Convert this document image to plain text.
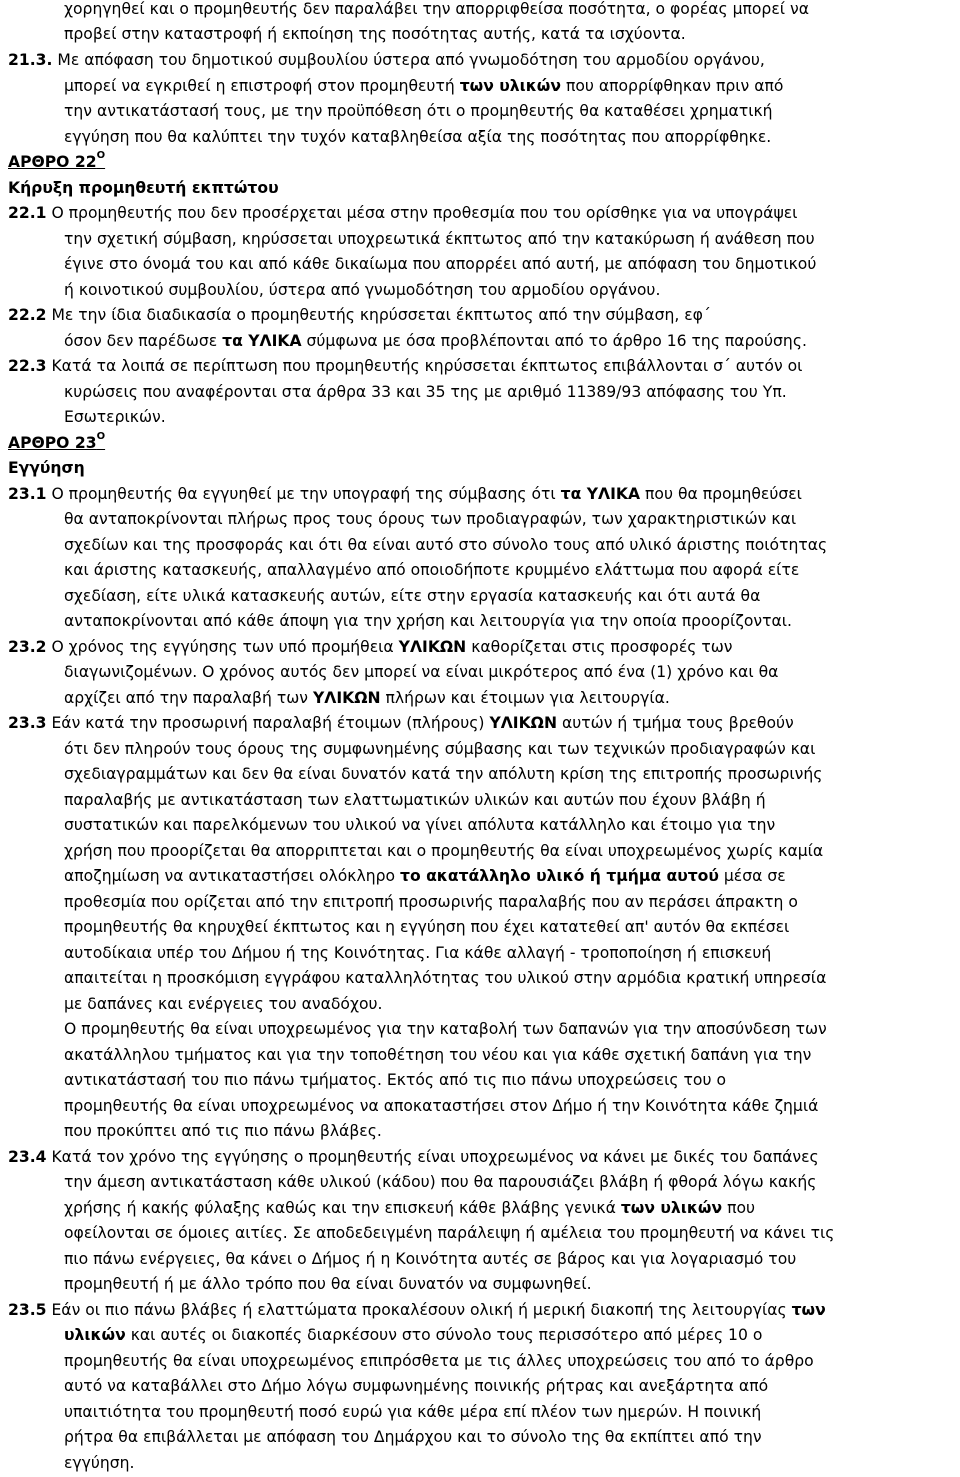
χορηγηθεί και ο προμηθευτής δεν παραλάβει την απορριφθείσα ποσότητα, ο φορέας μπορεί να
προβεί στην καταστροφή ή εκποίηση της ποσότητας αυτής, κατά τα ισχύοντα.
21.3. Με απόφαση του δημοτικού συμβουλίου ύστερα από γνωμοδότηση του αρμοδίου οργάνου,
μπορεί να εγκριθεί η επιστροφή στον προμηθευτή των υλικών που απορρίφθηκαν πριν από
την αντικατάστασή τους, με την προϋπόθεση ότι ο προμηθευτής θα καταθέσει χρηματική
εγγύηση που θα καλύπτει την τυχόν καταβληθείσα αξία της ποσότητας που απορρίφθηκε.
ΑΡΘΡΟ $22^O$
Κήρυξη προμηθευτή εκπτώτου
22.1 Ο προμηθευτής που δεν προσέρχεται μέσα στην προθεσμία που του ορίσθηκε για να υπογράψει
την σχετική σύμβαση, κηρύσσεται υποχρεωτικά έκπτωτος από την κατακύρωση ή ανάθεση που
έγινε στο όνομά του και από κάθε δικαίωμα που απορρέει από αυτή, με απόφαση του δημοτικού
ή κοινοτικού συμβουλίου, ύστερα από γνωμοδότηση του αρμοδίου οργάνου.
22.2 Με την ίδια διαδικασία ο προμηθευτής κηρύσσεται έκπτωτος από την σύμβαση, εφ΄
όσον δεν παρέδωσε τα ΥΛΙΚΑ σύμφωνα με όσα προβλέπονται από το άρθρο 16 της παρούσης.
22.3 Κατά τα λοιπά σε περίπτωση που προμηθευτής κηρύσσεται έκπτωτος επιβάλλονται σ΄ αυτόν οι
κυρώσεις που αναφέρονται στα άρθρα 33 και 35 της με αριθμό 11389/93 απόφασης του Υπ.
Εσωτερικών.
ΑΡΘΡΟ $23^O$
Εγγύηση
23.1 Ο προμηθευτής θα εγγυηθεί με την υπογραφή της σύμβασης ότι τα ΥΛΙΚΑ που θα προμηθεύσει
θα ανταποκρίνονται πλήρως προς τους όρους των προδιαγραφών, των χαρακτηριστικών και
σχεδίων και της προσφοράς και ότι θα είναι αυτό στο σύνολο τους από υλικό άριστης ποιότητας
και άριστης κατασκευής, απαλλαγμένο από οποιοδήποτε κρυμμένο ελάττωμα που αφορά είτε
σχεδίαση, είτε υλικά κατασκευής αυτών, είτε στην εργασία κατασκευής και ότι αυτά θα
ανταποκρίνονται από κάθε άποψη για την χρήση και λειτουργία για την οποία προορίζονται.
23.2 Ο χρόνος της εγγύησης των υπό προμήθεια ΥΛΙΚΩΝ καθορίζεται στις προσφορές των
διαγωνιζομένων. Ο χρόνος αυτός δεν μπορεί να είναι μικρότερος από ένα (1) χρόνο και θα
αρχίζει από την παραλαβή των ΥΛΙΚΩΝ πλήρων και έτοιμων για λειτουργία.
23.3 Εάν κατά την προσωρινή παραλαβή έτοιμων (πλήρους) ΥΛΙΚΩΝ αυτών ή τμήμα τους βρεθούν
ότι δεν πληρούν τους όρους της συμφωνημένης σύμβασης και των τεχνικών προδιαγραφών και
σχεδιαγραμμάτων και δεν θα είναι δυνατόν κατά την απόλυτη κρίση της επιτροπής προσωρινής
παραλαβής με αντικατάσταση των ελαττωματικών υλικών και αυτών που έχουν βλάβη ή
συστατικών και παρελκόμενων του υλικού να γίνει απόλυτα κατάλληλο και έτοιμο για την
χρήση που προορίζεται θα απορριπτεται και ο προμηθευτής θα είναι υποχρεωμένος χωρίς καμία
αποζημίωση να αντικαταστήσει ολόκληρο το ακατάλληλο υλικό ή τμήμα αυτού μέσα σε
προθεσμία που ορίζεται από την επιτροπή προσωρινής παραλαβής που αν περάσει άπρακτη ο
προμηθευτής θα κηρυχθεί έκπτωτος και η εγγύηση που έχει κατατεθεί απ' αυτόν θα εκπέσει
αυτοδίκαια υπέρ του Δήμου ή της Κοινότητας. Για κάθε αλλαγή - τροποποίηση ή επισκευή
απαιτείται η προσκόμιση εγγράφου καταλληλότητας του υλικού στην αρμόδια κρατική υπηρεσία
με δαπάνες και ενέργειες του αναδόχου.
Ο προμηθευτής θα είναι υποχρεωμένος για την καταβολή των δαπανών για την αποσύνδεση των
ακατάλληλου τμήματος και για την τοποθέτηση του νέου και για κάθε σχετική δαπάνη για την
αντικατάστασή του πιο πάνω τμήματος. Εκτός από τις πιο πάνω υποχρεώσεις του ο
προμηθευτής θα είναι υποχρεωμένος να αποκαταστήσει στον Δήμο ή την Κοινότητα κάθε ζημιά
που προκύπτει από τις πιο πάνω βλάβες.
23.4 Κατά τον χρόνο της εγγύησης ο προμηθευτής είναι υποχρεωμένος να κάνει με δικές του δαπάνες
την άμεση αντικατάσταση κάθε υλικού (κάδου) που θα παρουσιάζει βλάβη ή φθορά λόγω κακής
χρήσης ή κακής φύλαξης καθώς και την επισκευή κάθε βλάβης γενικά των υλικών που
οφείλονται σε όμοιες αιτίες. Σε αποδεδειγμένη παράλειψη ή αμέλεια του προμηθευτή να κάνει τις
πιο πάνω ενέργειες, θα κάνει ο Δήμος ή η Κοινότητα αυτές σε βάρος και για λογαριασμό του
προμηθευτή ή με άλλο τρόπο που θα είναι δυνατόν να συμφωνηθεί.
23.5 Εάν οι πιο πάνω βλάβες ή ελαττώματα προκαλέσουν ολική ή μερική διακοπή της λειτουργίας των
υλικών και αυτές οι διακοπές διαρκέσουν στο σύνολο τους περισσότερο από μέρες 10 ο
προμηθευτής θα είναι υποχρεωμένος επιπρόσθετα με τις άλλες υποχρεώσεις του από το άρθρο
αυτό να καταβάλλει στο Δήμο λόγω συμφωνημένης ποινικής ρήτρας και ανεξάρτητα από
υπαιτιότητα του προμηθευτή ποσό ευρώ για κάθε μέρα επί πλέον των ημερών. Η ποινική
ρήτρα θα επιβάλλεται με απόφαση του Δημάρχου και το σύνολο της θα εκπίπτει από την
εγγύηση.
